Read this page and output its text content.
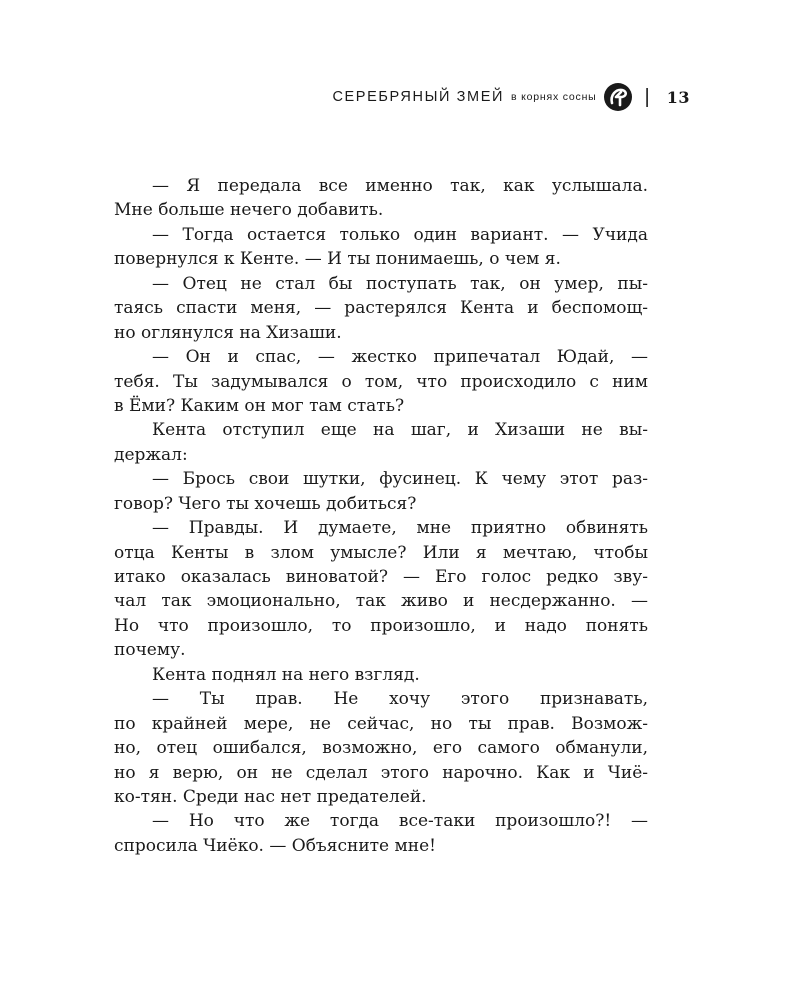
СЕРЕБРЯНЫЙ ЗМЕЙ в корнях сосны | 13
— Я передала все именно так, как услышала.
Мне больше нечего добавить.
— Тогда остается только один вариант. — Учида
повернулся к Кенте. — И ты понимаешь, о чем я.
— Отец не стал бы поступать так, он умер, пы-
таясь спасти меня, — растерялся Кента и беспомощ-
но оглянулся на Хизаши.
— Он и спас, — жестко припечатал Юдай, —
тебя. Ты задумывался о том, что происходило с ним
в Ёми? Каким он мог там стать?
Кента отступил еще на шаг, и Хизаши не вы-
держал:
— Брось свои шутки, фусинец. К чему этот раз-
говор? Чего ты хочешь добиться?
— Правды. И думаете, мне приятно обвинять
отца Кенты в злом умысле? Или я мечтаю, чтобы
итако оказалась виноватой? — Его голос редко зву-
чал так эмоционально, так живо и несдержанно. —
Но что произошло, то произошло, и надо понять
почему.
Кента поднял на него взгляд.
— Ты прав. Не хочу этого признавать,
по крайней мере, не сейчас, но ты прав. Возмож-
но, отец ошибался, возможно, его самого обманули,
но я верю, он не сделал этого нарочно. Как и Чиё-
ко-тян. Среди нас нет предателей.
— Но что же тогда все-таки произошло?! —
спросила Чиёко. — Объясните мне!
